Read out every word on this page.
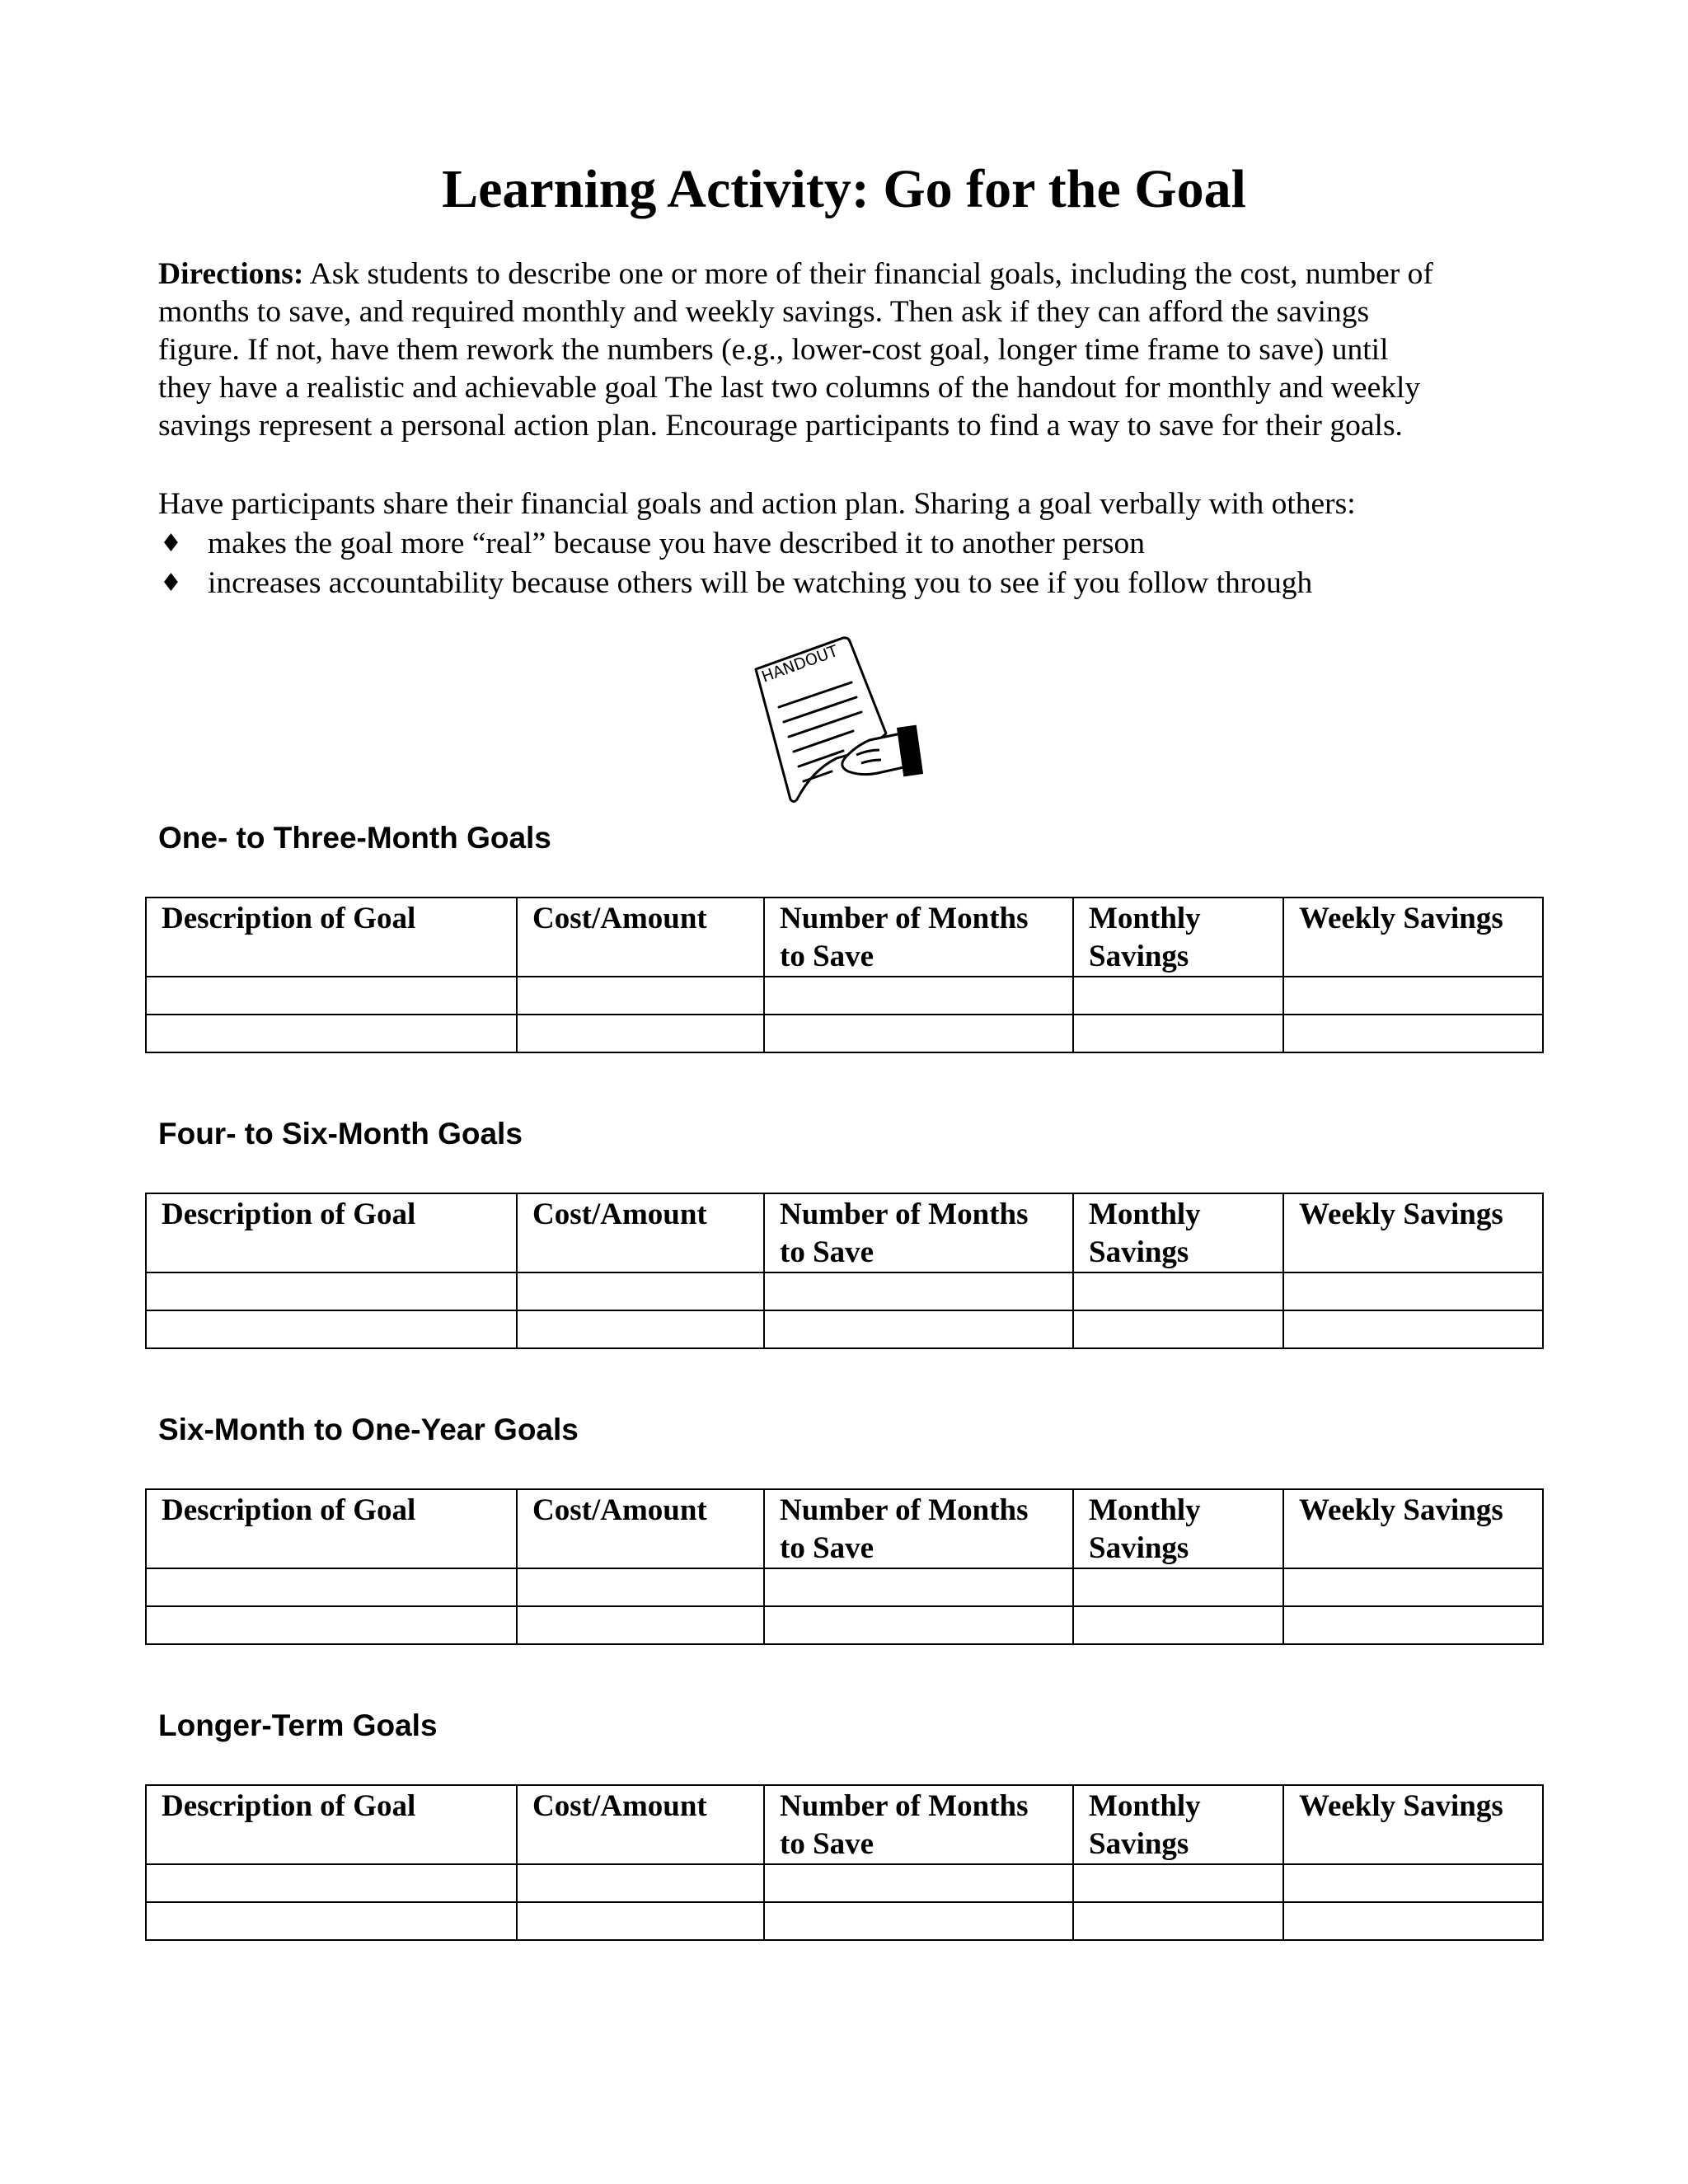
Learning Activity: Go for the Goal

Directions: Ask students to describe one or more of their financial goals, including the cost, number of
months to save, and required monthly and weekly savings. Then ask if they can afford the savings
figure. If not, have them rework the numbers (e.g., lower-cost goal, longer time frame to save) until
they have a realistic and achievable goal The last two columns of the handout for monthly and weekly
savings represent a personal action plan. Encourage participants to find a way to save for their goals.

Have participants share their financial goals and action plan. Sharing a goal verbally with others:
♦ makes the goal more “real” because you have described it to another person
♦ increases accountability because others will be watching you to see if you follow through
HANDOUT
One- to Three-Month Goals
Description of Goal	Cost/Amount	Number of Months
to Save	Monthly
Savings	Weekly Savings

Four- to Six-Month Goals
Description of Goal	Cost/Amount	Number of Months
to Save	Monthly
Savings	Weekly Savings

Six-Month to One-Year Goals
Description of Goal	Cost/Amount	Number of Months
to Save	Monthly
Savings	Weekly Savings

Longer-Term Goals
Description of Goal	Cost/Amount	Number of Months
to Save	Monthly
Savings	Weekly Savings
